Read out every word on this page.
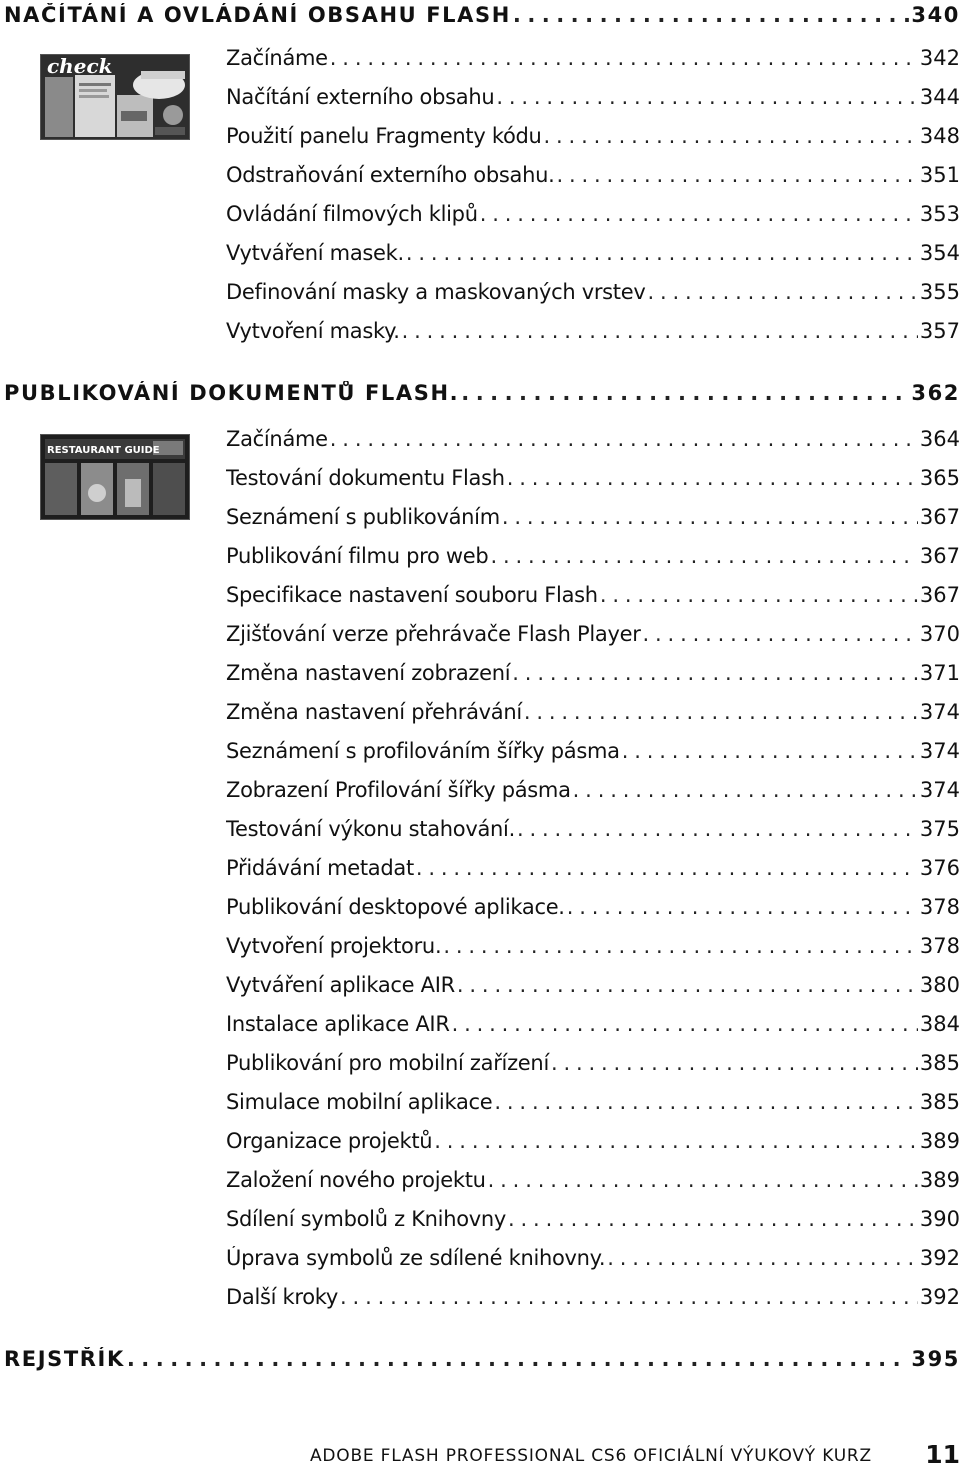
NAČÍTÁNÍ A OVLÁDÁNÍ OBSAHU FLASH . . .	340
check	Začínáme . . .	342
Načítání externího obsahu . . .	344
Použití panelu Fragmenty kódu . . .	348
Odstraňování externího obsahu. . . .	351
Ovládání filmových klipů . . .	353
Vytváření masek. . . .	354
Definování masky a maskovaných vrstev . . .	355
Vytvoření masky. . . .	357
PUBLIKOVÁNÍ DOKUMENTŮ FLASH. . . .	362
RESTAURANT GUIDE	Začínáme . . .	364
Testování dokumentu Flash . . .	365
Seznámení s publikováním . . .	367
Publikování filmu pro web . . .	367
Specifikace nastavení souboru Flash . . .	367
Zjišťování verze přehrávače Flash Player . . .	370
Změna nastavení zobrazení . . .	371
Změna nastavení přehrávání . . .	374
Seznámení s profilováním šířky pásma . . .	374
Zobrazení Profilování šířky pásma . . .	374
Testování výkonu stahování. . . .	375
Přidávání metadat . . .	376
Publikování desktopové aplikace. . . .	378
Vytvoření projektoru. . . .	378
Vytváření aplikace AIR . . .	380
Instalace aplikace AIR . . .	384
Publikování pro mobilní zařízení . . .	385
Simulace mobilní aplikace . . .	385
Organizace projektů . . .	389
Založení nového projektu . . .	389
Sdílení symbolů z Knihovny . . .	390
Úprava symbolů ze sdílené knihovny. . . .	392
Další kroky . . .	392
REJSTŘÍK . . .	395
ADOBE FLASH PROFESSIONAL CS6 OFICIÁLNÍ VÝUKOVÝ KURZ 11
